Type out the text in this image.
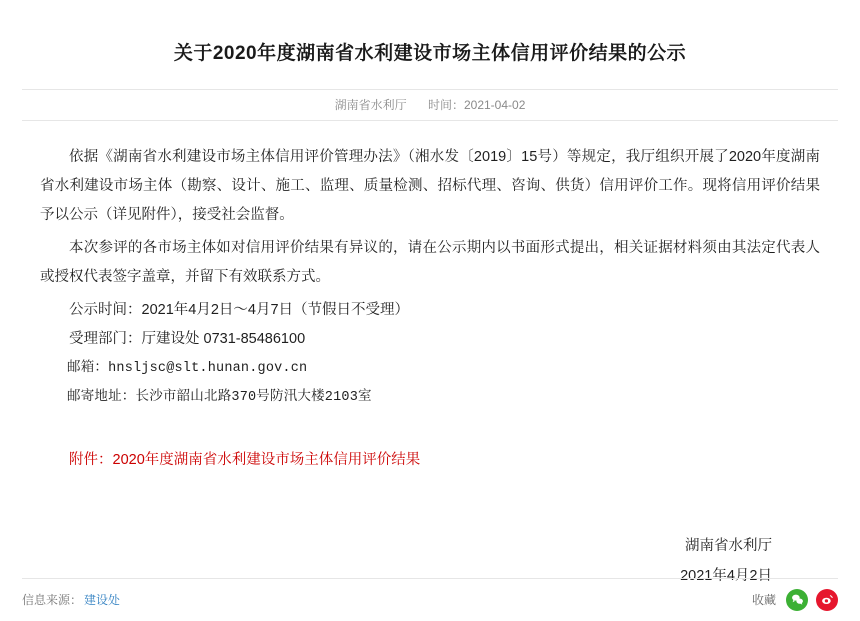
关于2020年度湖南省水利建设市场主体信用评价结果的公示
湖南省水利厅 时间：2021-04-02

依据《湖南省水利建设市场主体信用评价管理办法》（湘水发〔2019〕15号）等规定，我厅组织开展了2020年度湖南省水利建设市场主体（勘察、设计、施工、监理、质量检测、招标代理、咨询、供货）信用评价工作。现将信用评价结果予以公示（详见附件），接受社会监督。

本次参评的各市场主体如对信用评价结果有异议的，请在公示期内以书面形式提出，相关证据材料须由其法定代表人或授权代表签字盖章，并留下有效联系方式。

公示时间：2021年4月2日～4月7日（节假日不受理）

受理部门：厅建设处 0731-85486100

邮箱：hnsljsc@slt.hunan.gov.cn

邮寄地址：长沙市韶山北路370号防汛大楼2103室

附件：2020年度湖南省水利建设市场主体信用评价结果
湖南省水利厅
2021年4月2日
信息来源： 建设处	收藏
